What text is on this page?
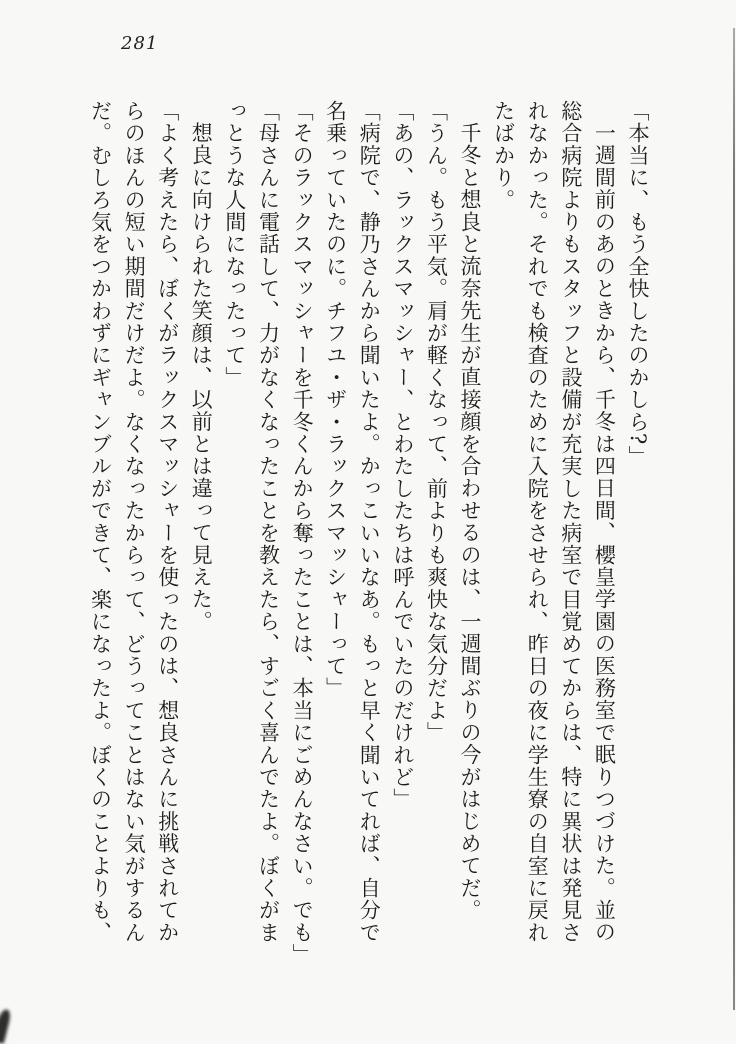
281
「本当に、もう全快したのかしら?」
一週間前のあのときから、千冬は四日間、櫻皇学園の医務室で眠りつづけた。並の
総合病院よりもスタッフと設備が充実した病室で目覚めてからは、特に異状は発見さ
れなかった。それでも検査のために入院をさせられ、昨日の夜に学生寮の自室に戻れ
たばかり。
千冬と想良と流奈先生が直接顔を合わせるのは、一週間ぶりの今がはじめてだ。
「うん。もう平気。肩が軽くなって、前よりも爽快な気分だよ」
「あの、ラックスマッシャー、とわたしたちは呼んでいたのだけれど」
「病院で、静乃さんから聞いたよ。かっこいいなあ。もっと早く聞いてれば、自分で
名乗っていたのに。チフユ・ザ・ラックスマッシャーって」
「そのラックスマッシャーを千冬くんから奪ったことは、本当にごめんなさい。でも」
「母さんに電話して、力がなくなったことを教えたら、すごく喜んでたよ。ぼくがま
っとうな人間になったって」
想良に向けられた笑顔は、以前とは違って見えた。
「よく考えたら、ぼくがラックスマッシャーを使ったのは、想良さんに挑戦されてか
らのほんの短い期間だけだよ。なくなったからって、どうってことはない気がするん
だ。むしろ気をつかわずにギャンブルができて、楽になったよ。ぼくのことよりも、
